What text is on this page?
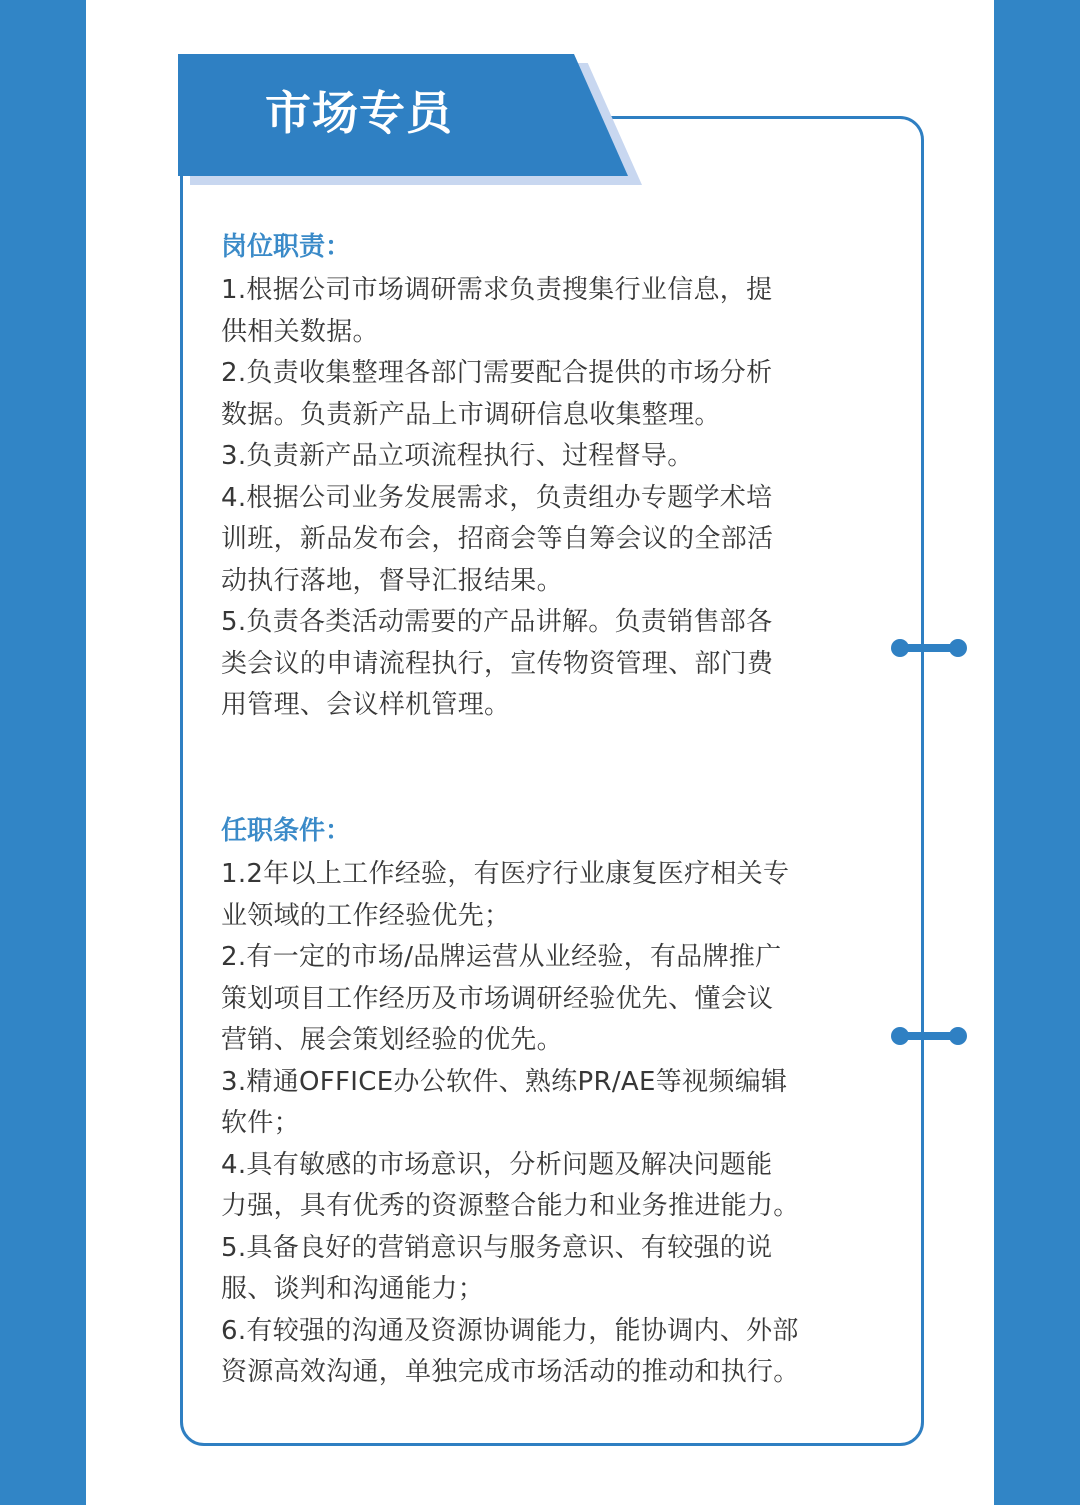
市场专员
岗位职责：
1.根据公司市场调研需求负责搜集行业信息，提
供相关数据。
2.负责收集整理各部门需要配合提供的市场分析
数据。负责新产品上市调研信息收集整理。
3.负责新产品立项流程执行、过程督导。
4.根据公司业务发展需求，负责组办专题学术培
训班，新品发布会，招商会等自筹会议的全部活
动执行落地，督导汇报结果。
5.负责各类活动需要的产品讲解。负责销售部各
类会议的申请流程执行，宣传物资管理、部门费
用管理、会议样机管理。
任职条件：
1.2年以上工作经验，有医疗行业康复医疗相关专
业领域的工作经验优先；
2.有一定的市场/品牌运营从业经验，有品牌推广
策划项目工作经历及市场调研经验优先、懂会议
营销、展会策划经验的优先。
3.精通OFFICE办公软件、熟练PR/AE等视频编辑
软件；
4.具有敏感的市场意识，分析问题及解决问题能
力强，具有优秀的资源整合能力和业务推进能力。
5.具备良好的营销意识与服务意识、有较强的说
服、谈判和沟通能力；
6.有较强的沟通及资源协调能力，能协调内、外部
资源高效沟通，单独完成市场活动的推动和执行。
